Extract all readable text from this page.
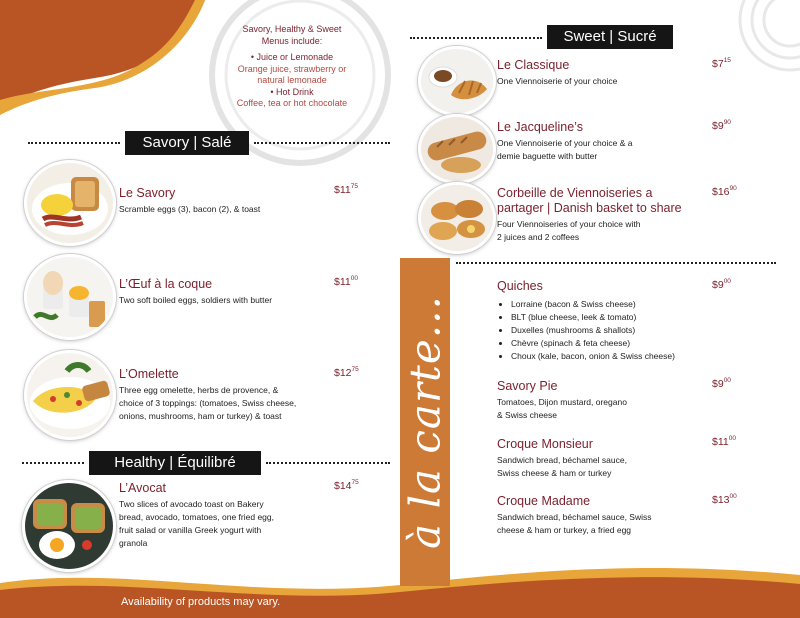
Savory, Healthy & Sweet
Menus include:
• Juice or Lemonade
Orange juice, strawberry or
natural lemonade
• Hot Drink
Coffee, tea or hot chocolate
Savory | Salé
Le Savory
Scramble eggs (3), bacon (2), & toast
$\$11^{75}$
L’Œuf à la coque
Two soft boiled eggs, soldiers with butter
$\$11^{00}$
L’Omelette
Three egg omelette, herbs de provence, &
choice of 3 toppings: (tomatoes, Swiss cheese,
onions, mushrooms, ham or turkey) & toast
$\$12^{75}$
Healthy | Équilibré
L’Avocat
Two slices of avocado toast on Bakery
bread, avocado, tomatoes, one fried egg,
fruit salad or vanilla Greek yogurt with
granola
$\$14^{75}$
Sweet | Sucré
Le Classique
One Viennoiserie of your choice
$\$7^{15}$
Le Jacqueline’s
One Viennoiserie of your choice & a
demie baguette with butter
$\$9^{90}$
Corbeille de Viennoiseries a
partager | Danish basket to share
Four Viennoiseries of your choice with
2 juices and 2 coffees
$\$16^{90}$
à la carte...
Quiches
• Lorraine (bacon & Swiss cheese)
• BLT (blue cheese, leek & tomato)
• Duxelles (mushrooms & shallots)
• Chèvre (spinach & feta cheese)
• Choux (kale, bacon, onion & Swiss cheese)
$\$9^{00}$
Savory Pie
Tomatoes, Dijon mustard, oregano
& Swiss cheese
$\$9^{00}$
Croque Monsieur
Sandwich bread, béchamel sauce,
Swiss cheese & ham or turkey
$\$11^{00}$
Croque Madame
Sandwich bread, béchamel sauce, Swiss
cheese & ham or turkey, a fried egg
$\$13^{00}$
Availability of products may vary.
